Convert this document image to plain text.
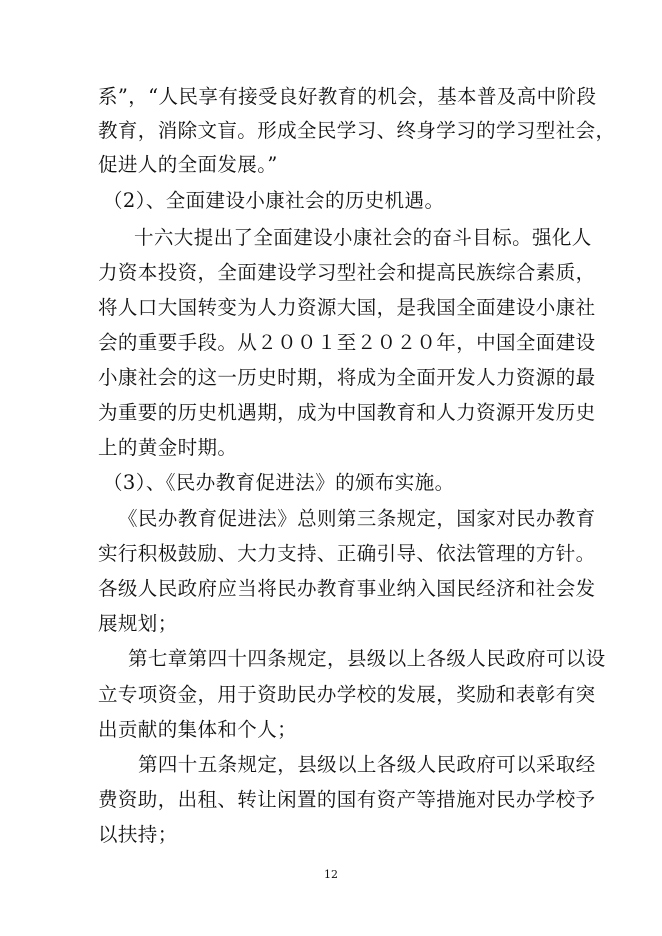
系”，“人民享有接受良好教育的机会，基本普及高中阶段
教育，消除文盲。形成全民学习、终身学习的学习型社会，
促进人的全面发展。”
（2）、全面建设小康社会的历史机遇。
十六大提出了全面建设小康社会的奋斗目标。强化人
力资本投资，全面建设学习型社会和提高民族综合素质，
将人口大国转变为人力资源大国，是我国全面建设小康社
会的重要手段。从２００１至２０２０年，中国全面建设
小康社会的这一历史时期，将成为全面开发人力资源的最
为重要的历史机遇期，成为中国教育和人力资源开发历史
上的黄金时期。
（3）、《民办教育促进法》的颁布实施。
《民办教育促进法》总则第三条规定，国家对民办教育
实行积极鼓励、大力支持、正确引导、依法管理的方针。
各级人民政府应当将民办教育事业纳入国民经济和社会发
展规划；
第七章第四十四条规定，县级以上各级人民政府可以设
立专项资金，用于资助民办学校的发展，奖励和表彰有突
出贡献的集体和个人；
第四十五条规定，县级以上各级人民政府可以采取经
费资助，出租、转让闲置的国有资产等措施对民办学校予
以扶持；
12
